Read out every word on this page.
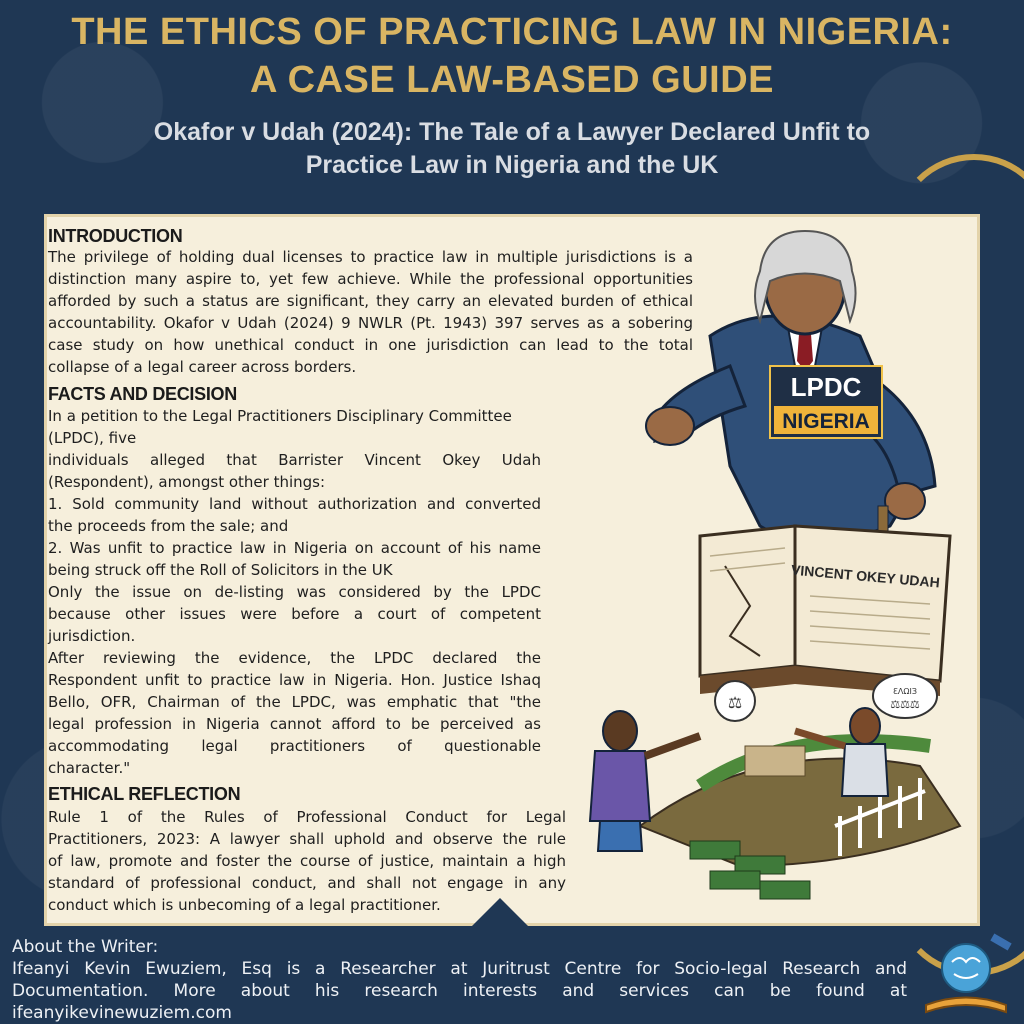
THE ETHICS OF PRACTICING LAW IN NIGERIA:
A CASE LAW-BASED GUIDE
Okafor v Udah (2024): The Tale of a Lawyer Declared Unfit to
Practice Law in Nigeria and the UK
INTRODUCTION
The privilege of holding dual licenses to practice law in multiple jurisdictions is a
distinction many aspire to, yet few achieve. While the professional opportunities
afforded by such a status are significant, they carry an elevated burden of ethical
accountability. Okafor v Udah (2024) 9 NWLR (Pt. 1943) 397 serves as a sobering
case study on how unethical conduct in one jurisdiction can lead to the total
collapse of a legal career across borders.
FACTS AND DECISION
In a petition to the Legal Practitioners Disciplinary Committee
(LPDC), five
individuals alleged that Barrister Vincent Okey Udah
(Respondent), amongst other things:
1. Sold community land without authorization and converted
the proceeds from the sale; and
2. Was unfit to practice law in Nigeria on account of his name
being struck off the Roll of Solicitors in the UK
Only the issue on de-listing was considered by the LPDC
because other issues were before a court of competent
jurisdiction.
After reviewing the evidence, the LPDC declared the
Respondent unfit to practice law in Nigeria. Hon. Justice Ishaq
Bello, OFR, Chairman of the LPDC, was emphatic that "the
legal profession in Nigeria cannot afford to be perceived as
accommodating legal practitioners of questionable
character."
ETHICAL REFLECTION
Rule 1 of the Rules of Professional Conduct for Legal
Practitioners, 2023: A lawyer shall uphold and observe the rule
of law, promote and foster the course of justice, maintain a high
standard of professional conduct, and shall not engage in any
conduct which is unbecoming of a legal practitioner.
LPDC
NIGERIA
VINCENT OKEY UDAH
⚖
ƐΛΩIЗ
⚖⚖⚖
About the Writer:
Ifeanyi Kevin Ewuziem, Esq is a Researcher at Juritrust Centre for Socio-legal Research and
Documentation. More about his research interests and services can be found at
ifeanyikevinewuziem.com
